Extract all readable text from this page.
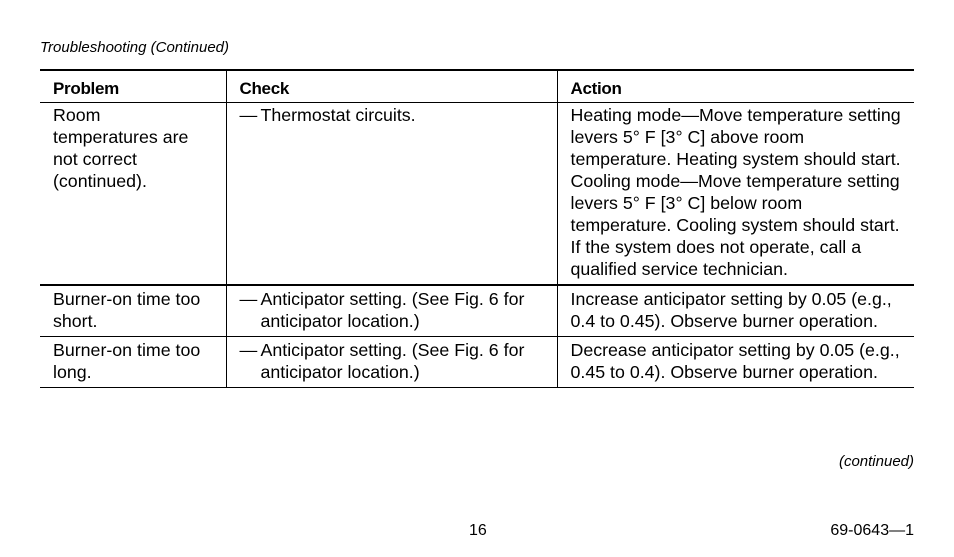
Troubleshooting (Continued)
Problem	Check	Action

Room temperatures are not correct (continued).	— Thermostat circuits.	Heating mode—Move temperature setting levers 5° F [3° C] above room temperature. Heating system should start.
Cooling mode—Move temperature setting levers 5° F [3° C] below room temperature. Cooling system should start. If the system does not operate, call a qualified service technician.

Burner-on time too short.	— Anticipator setting. (See Fig. 6 for anticipator location.)	Increase anticipator setting by 0.05 (e.g., 0.4 to 0.45). Observe burner operation.

Burner-on time too long.	— Anticipator setting. (See Fig. 6 for anticipator location.)	Decrease anticipator setting by 0.05 (e.g., 0.45 to 0.4). Observe burner operation.
(continued)
16	69-0643—1
